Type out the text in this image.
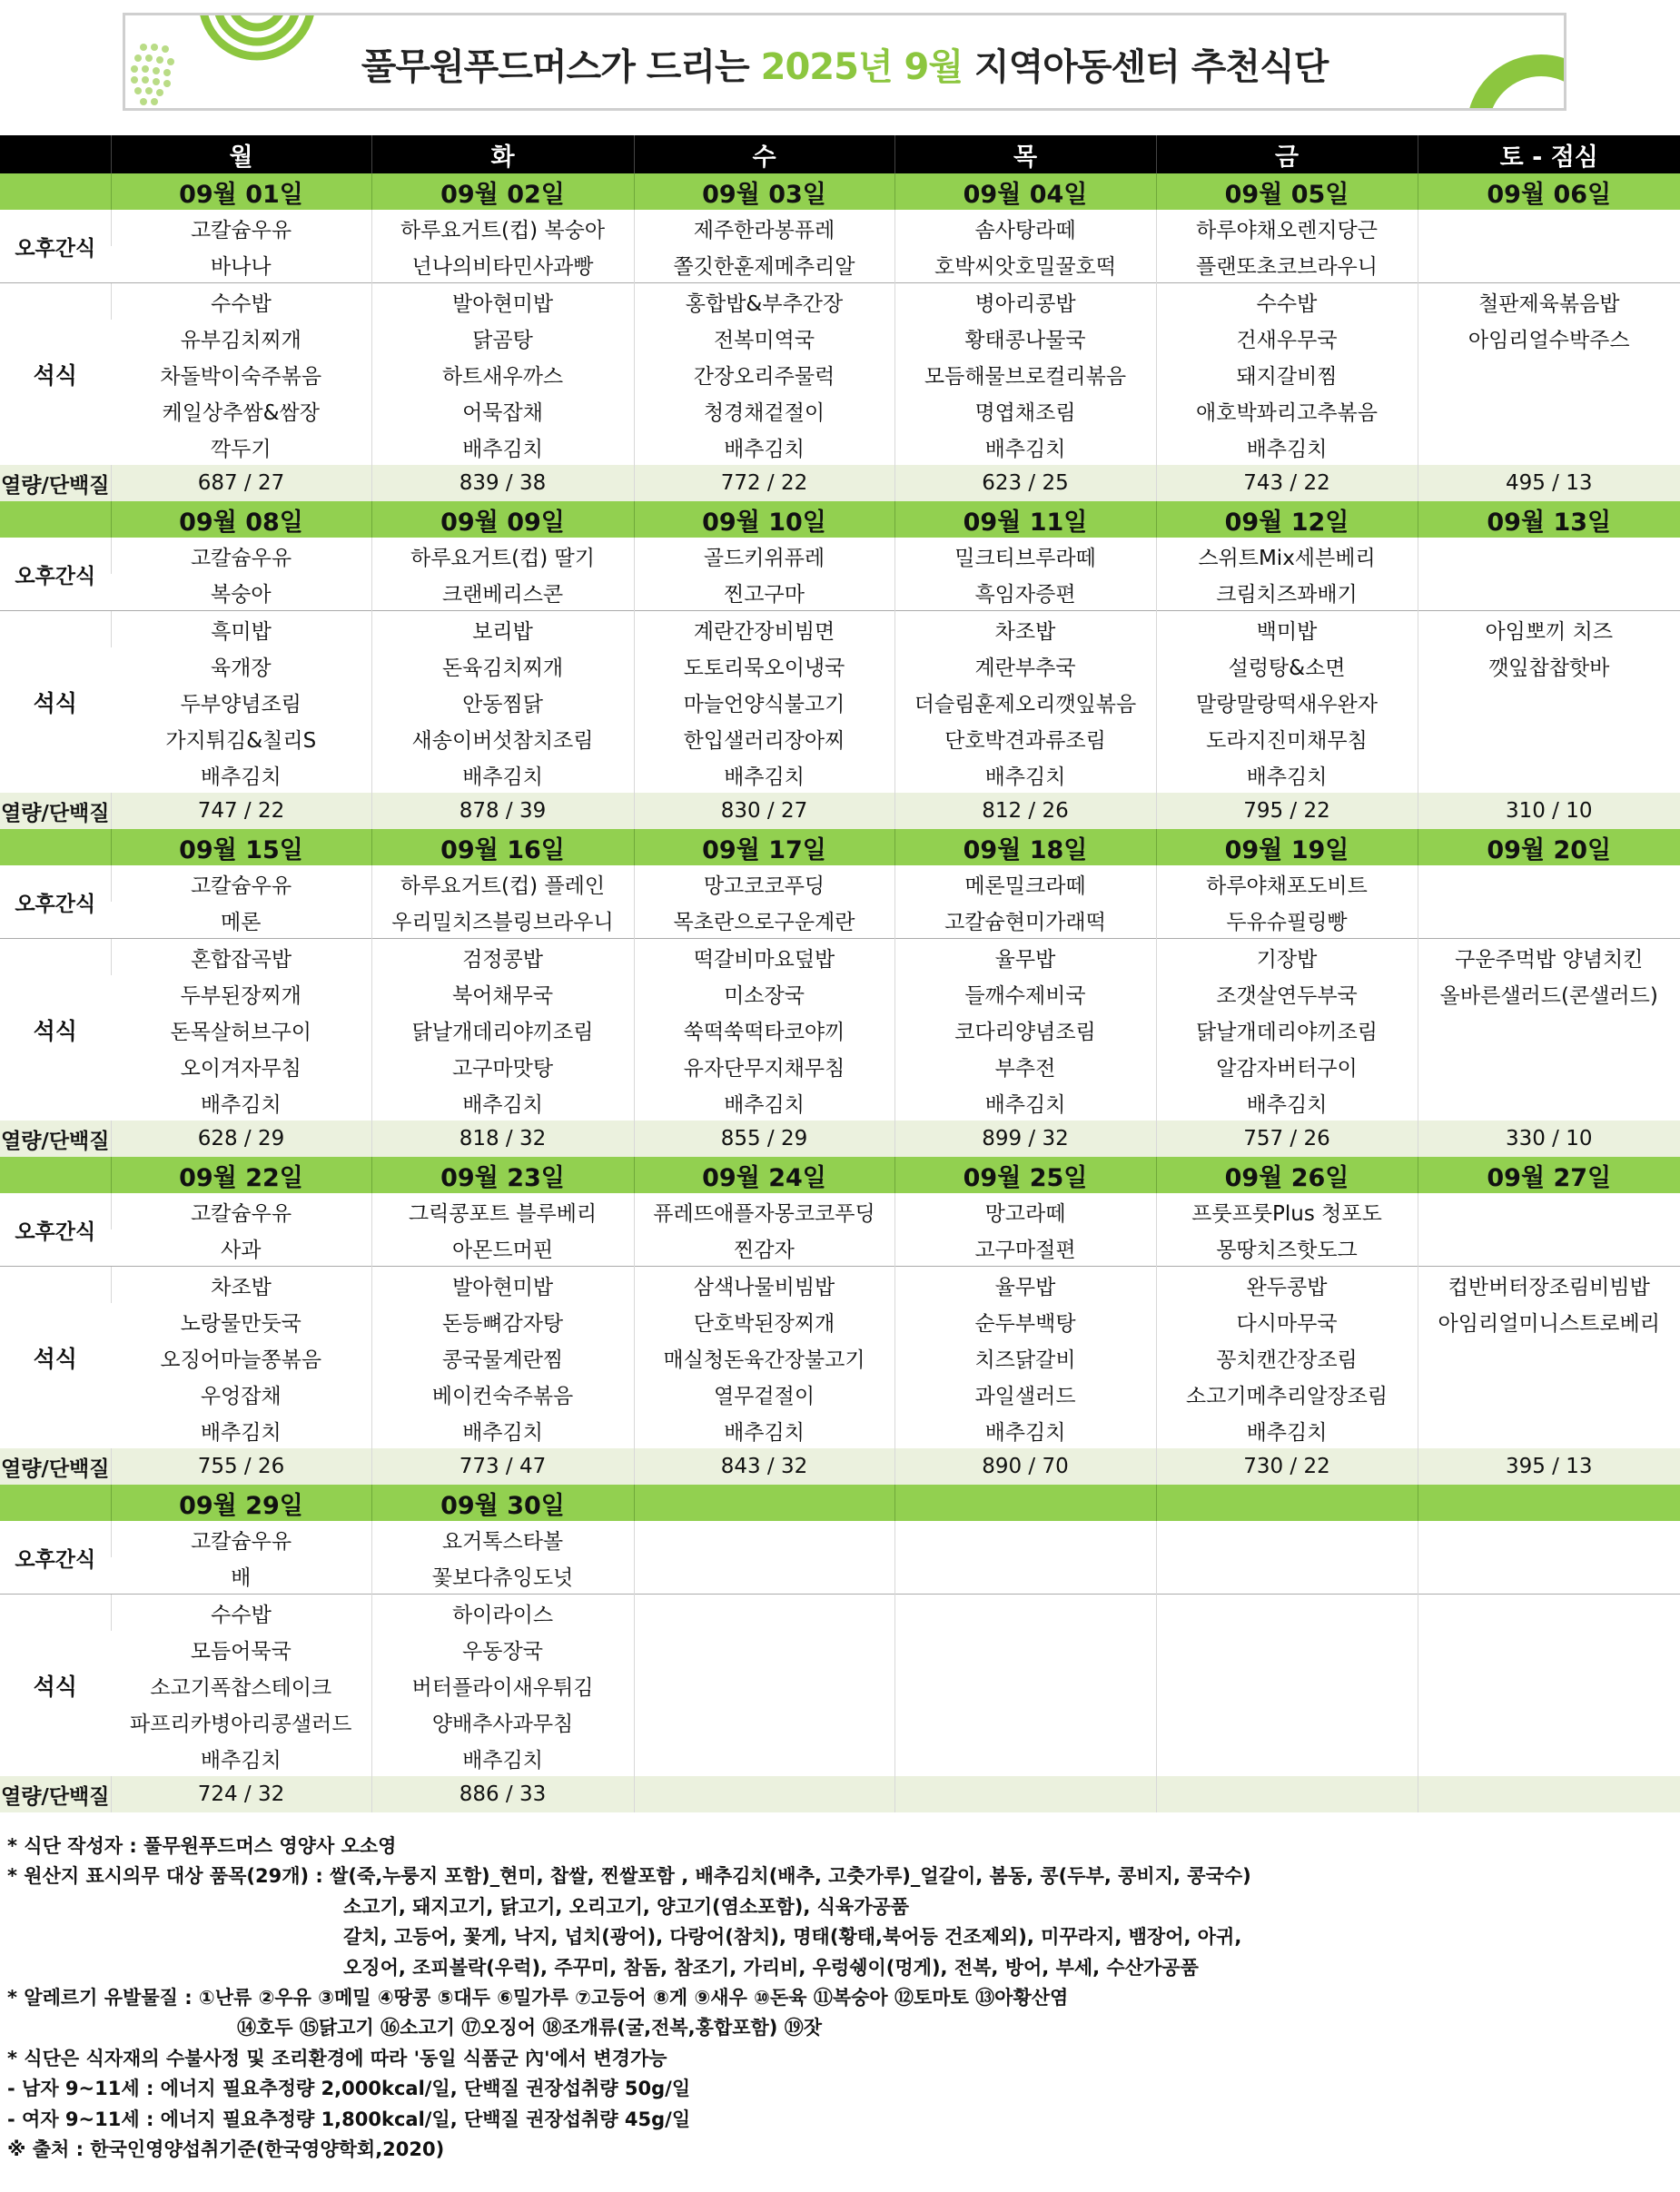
풀무원푸드머스가 드리는 2025년 9월 지역아동센터 추천식단
	월	화	수	목	금	토 - 점심
	09월 01일	09월 02일	09월 03일	09월 04일	09월 05일	09월 06일
오후간식	고칼슘우유	하루요거트(컵) 복숭아	제주한라봉퓨레	솜사탕라떼	하루야채오렌지당근	
	바나나	넌나의비타민사과빵	쫄깃한훈제메추리알	호박씨앗호밀꿀호떡	플랜또초코브라우니	
석식	수수밥	발아현미밥	홍합밥&부추간장	병아리콩밥	수수밥	철판제육볶음밥
	유부김치찌개	닭곰탕	전복미역국	황태콩나물국	건새우무국	아임리얼수박주스
	차돌박이숙주볶음	하트새우까스	간장오리주물럭	모듬해물브로컬리볶음	돼지갈비찜	
	케일상추쌈&쌈장	어묵잡채	청경채겉절이	명엽채조림	애호박꽈리고추볶음	
	깍두기	배추김치	배추김치	배추김치	배추김치	
열량/단백질	687 / 27	839 / 38	772 / 22	623 / 25	743 / 22	495 / 13
	09월 08일	09월 09일	09월 10일	09월 11일	09월 12일	09월 13일
오후간식	고칼슘우유	하루요거트(컵) 딸기	골드키위퓨레	밀크티브루라떼	스위트Mix세븐베리	
	복숭아	크랜베리스콘	찐고구마	흑임자증편	크림치즈꽈배기	
석식	흑미밥	보리밥	계란간장비빔면	차조밥	백미밥	아임뽀끼 치즈
	육개장	돈육김치찌개	도토리묵오이냉국	계란부추국	설렁탕&소면	깻잎찹찹핫바
	두부양념조림	안동찜닭	마늘언양식불고기	더슬림훈제오리깻잎볶음	말랑말랑떡새우완자	
	가지튀김&칠리S	새송이버섯참치조림	한입샐러리장아찌	단호박견과류조림	도라지진미채무침	
	배추김치	배추김치	배추김치	배추김치	배추김치	
열량/단백질	747 / 22	878 / 39	830 / 27	812 / 26	795 / 22	310 / 10
	09월 15일	09월 16일	09월 17일	09월 18일	09월 19일	09월 20일
오후간식	고칼슘우유	하루요거트(컵) 플레인	망고코코푸딩	메론밀크라떼	하루야채포도비트	
	메론	우리밀치즈블링브라우니	목초란으로구운계란	고칼슘현미가래떡	두유슈필링빵	
석식	혼합잡곡밥	검정콩밥	떡갈비마요덮밥	율무밥	기장밥	구운주먹밥 양념치킨
	두부된장찌개	북어채무국	미소장국	들깨수제비국	조갯살연두부국	올바른샐러드(콘샐러드)
	돈목살허브구이	닭날개데리야끼조림	쑥떡쑥떡타코야끼	코다리양념조림	닭날개데리야끼조림	
	오이겨자무침	고구마맛탕	유자단무지채무침	부추전	알감자버터구이	
	배추김치	배추김치	배추김치	배추김치	배추김치	
열량/단백질	628 / 29	818 / 32	855 / 29	899 / 32	757 / 26	330 / 10
	09월 22일	09월 23일	09월 24일	09월 25일	09월 26일	09월 27일
오후간식	고칼슘우유	그릭콩포트 블루베리	퓨레뜨애플자몽코코푸딩	망고라떼	프룻프룻Plus 청포도	
	사과	아몬드머핀	찐감자	고구마절편	몽땅치즈핫도그	
석식	차조밥	발아현미밥	삼색나물비빔밥	율무밥	완두콩밥	컵반버터장조림비빔밥
	노랑물만둣국	돈등뼈감자탕	단호박된장찌개	순두부백탕	다시마무국	아임리얼미니스트로베리
	오징어마늘쫑볶음	콩국물계란찜	매실청돈육간장불고기	치즈닭갈비	꽁치캔간장조림	
	우엉잡채	베이컨숙주볶음	열무겉절이	과일샐러드	소고기메추리알장조림	
	배추김치	배추김치	배추김치	배추김치	배추김치	
열량/단백질	755 / 26	773 / 47	843 / 32	890 / 70	730 / 22	395 / 13
	09월 29일	09월 30일				
오후간식	고칼슘우유	요거톡스타볼				
	배	꽃보다츄잉도넛				
석식	수수밥	하이라이스				
	모듬어묵국	우동장국				
	소고기폭찹스테이크	버터플라이새우튀김				
	파프리카병아리콩샐러드	양배추사과무침				
	배추김치	배추김치				
열량/단백질	724 / 32	886 / 33				
* 식단 작성자 : 풀무원푸드머스 영양사 오소영
* 원산지 표시의무 대상 품목(29개) : 쌀(죽,누룽지 포함)_현미, 찹쌀, 찐쌀포함 , 배추김치(배추, 고춧가루)_얼갈이, 봄동, 콩(두부, 콩비지, 콩국수)
소고기, 돼지고기, 닭고기, 오리고기, 양고기(염소포함), 식육가공품
갈치, 고등어, 꽃게, 낙지, 넙치(광어), 다랑어(참치), 명태(황태,북어등 건조제외), 미꾸라지, 뱀장어, 아귀,
오징어, 조피볼락(우럭), 주꾸미, 참돔, 참조기, 가리비, 우렁쉥이(멍게), 전복, 방어, 부세, 수산가공품
* 알레르기 유발물질 : ①난류 ②우유 ③메밀 ④땅콩 ⑤대두 ⑥밀가루 ⑦고등어 ⑧게 ⑨새우 ⑩돈육 ⑪복숭아 ⑫토마토 ⑬아황산염
⑭호두 ⑮닭고기 ⑯소고기 ⑰오징어 ⑱조개류(굴,전복,홍합포함) ⑲잣
* 식단은 식자재의 수불사정 및 조리환경에 따라 '동일 식품군 內'에서 변경가능
- 남자 9~11세 : 에너지 필요추정량 2,000kcal/일, 단백질 권장섭취량 50g/일
- 여자 9~11세 : 에너지 필요추정량 1,800kcal/일, 단백질 권장섭취량 45g/일
※ 출처 : 한국인영양섭취기준(한국영양학회,2020)
